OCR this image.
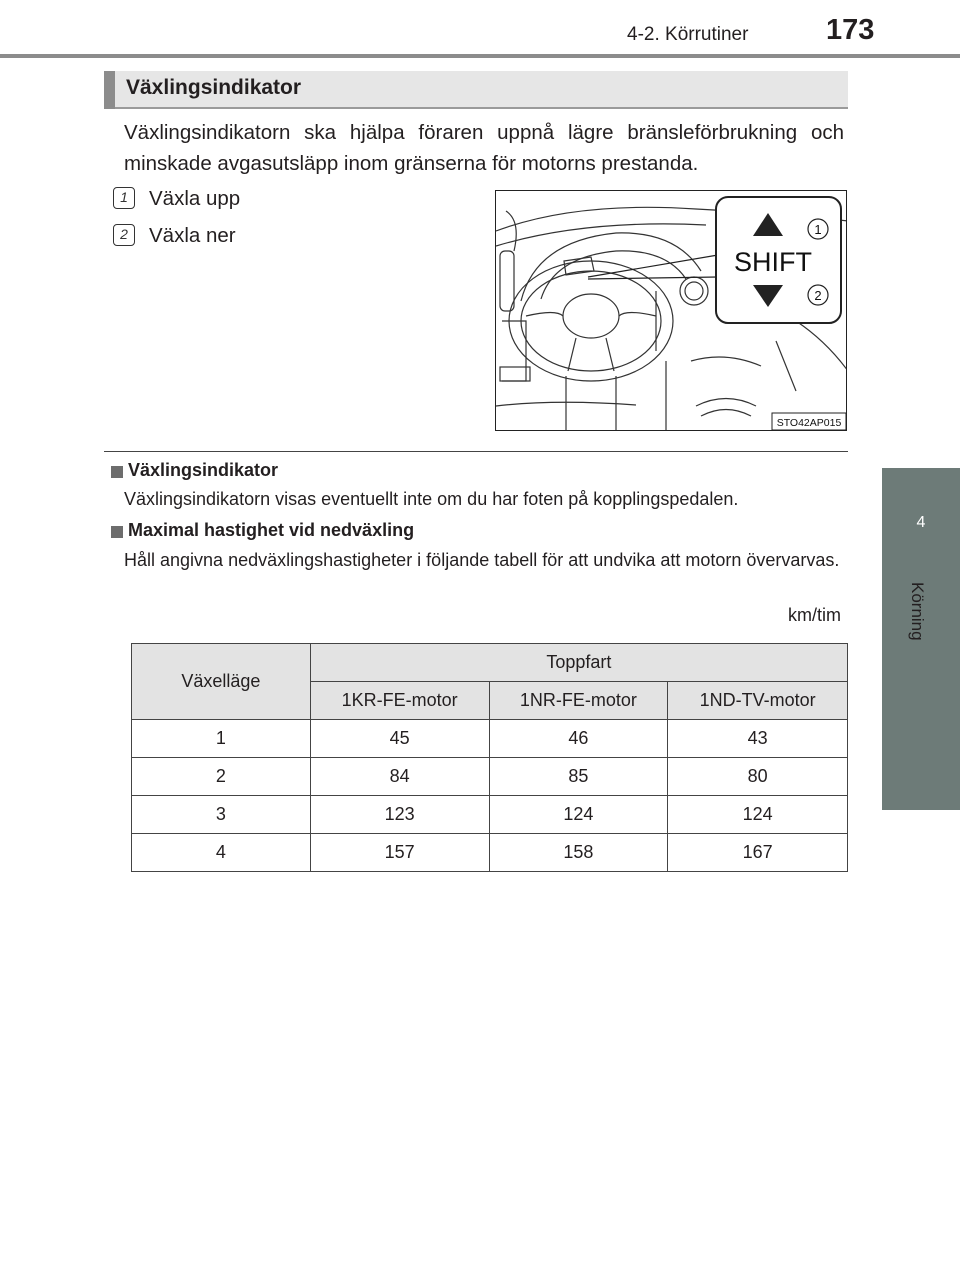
4-2. Körrutiner	173
4
Körning
Växlingsindikator
Växlingsindikatorn ska hjälpa föraren uppnå lägre bränsleförbrukning och minskade avgasutsläpp inom gränserna för motorns prestanda.
1	Växla upp
2	Växla ner
SHIFT
1
2
STO42AP015
Växlingsindikator
Växlingsindikatorn visas eventuellt inte om du har foten på kopplingspedalen.
Maximal hastighet vid nedväxling
Håll angivna nedväxlingshastigheter i följande tabell för att undvika att motorn övervarvas.
km/tim
Växelläge	Toppfart		
	1KR-FE-motor	1NR-FE-motor	1ND-TV-motor
1	45	46	43
2	84	85	80
3	123	124	124
4	157	158	167
